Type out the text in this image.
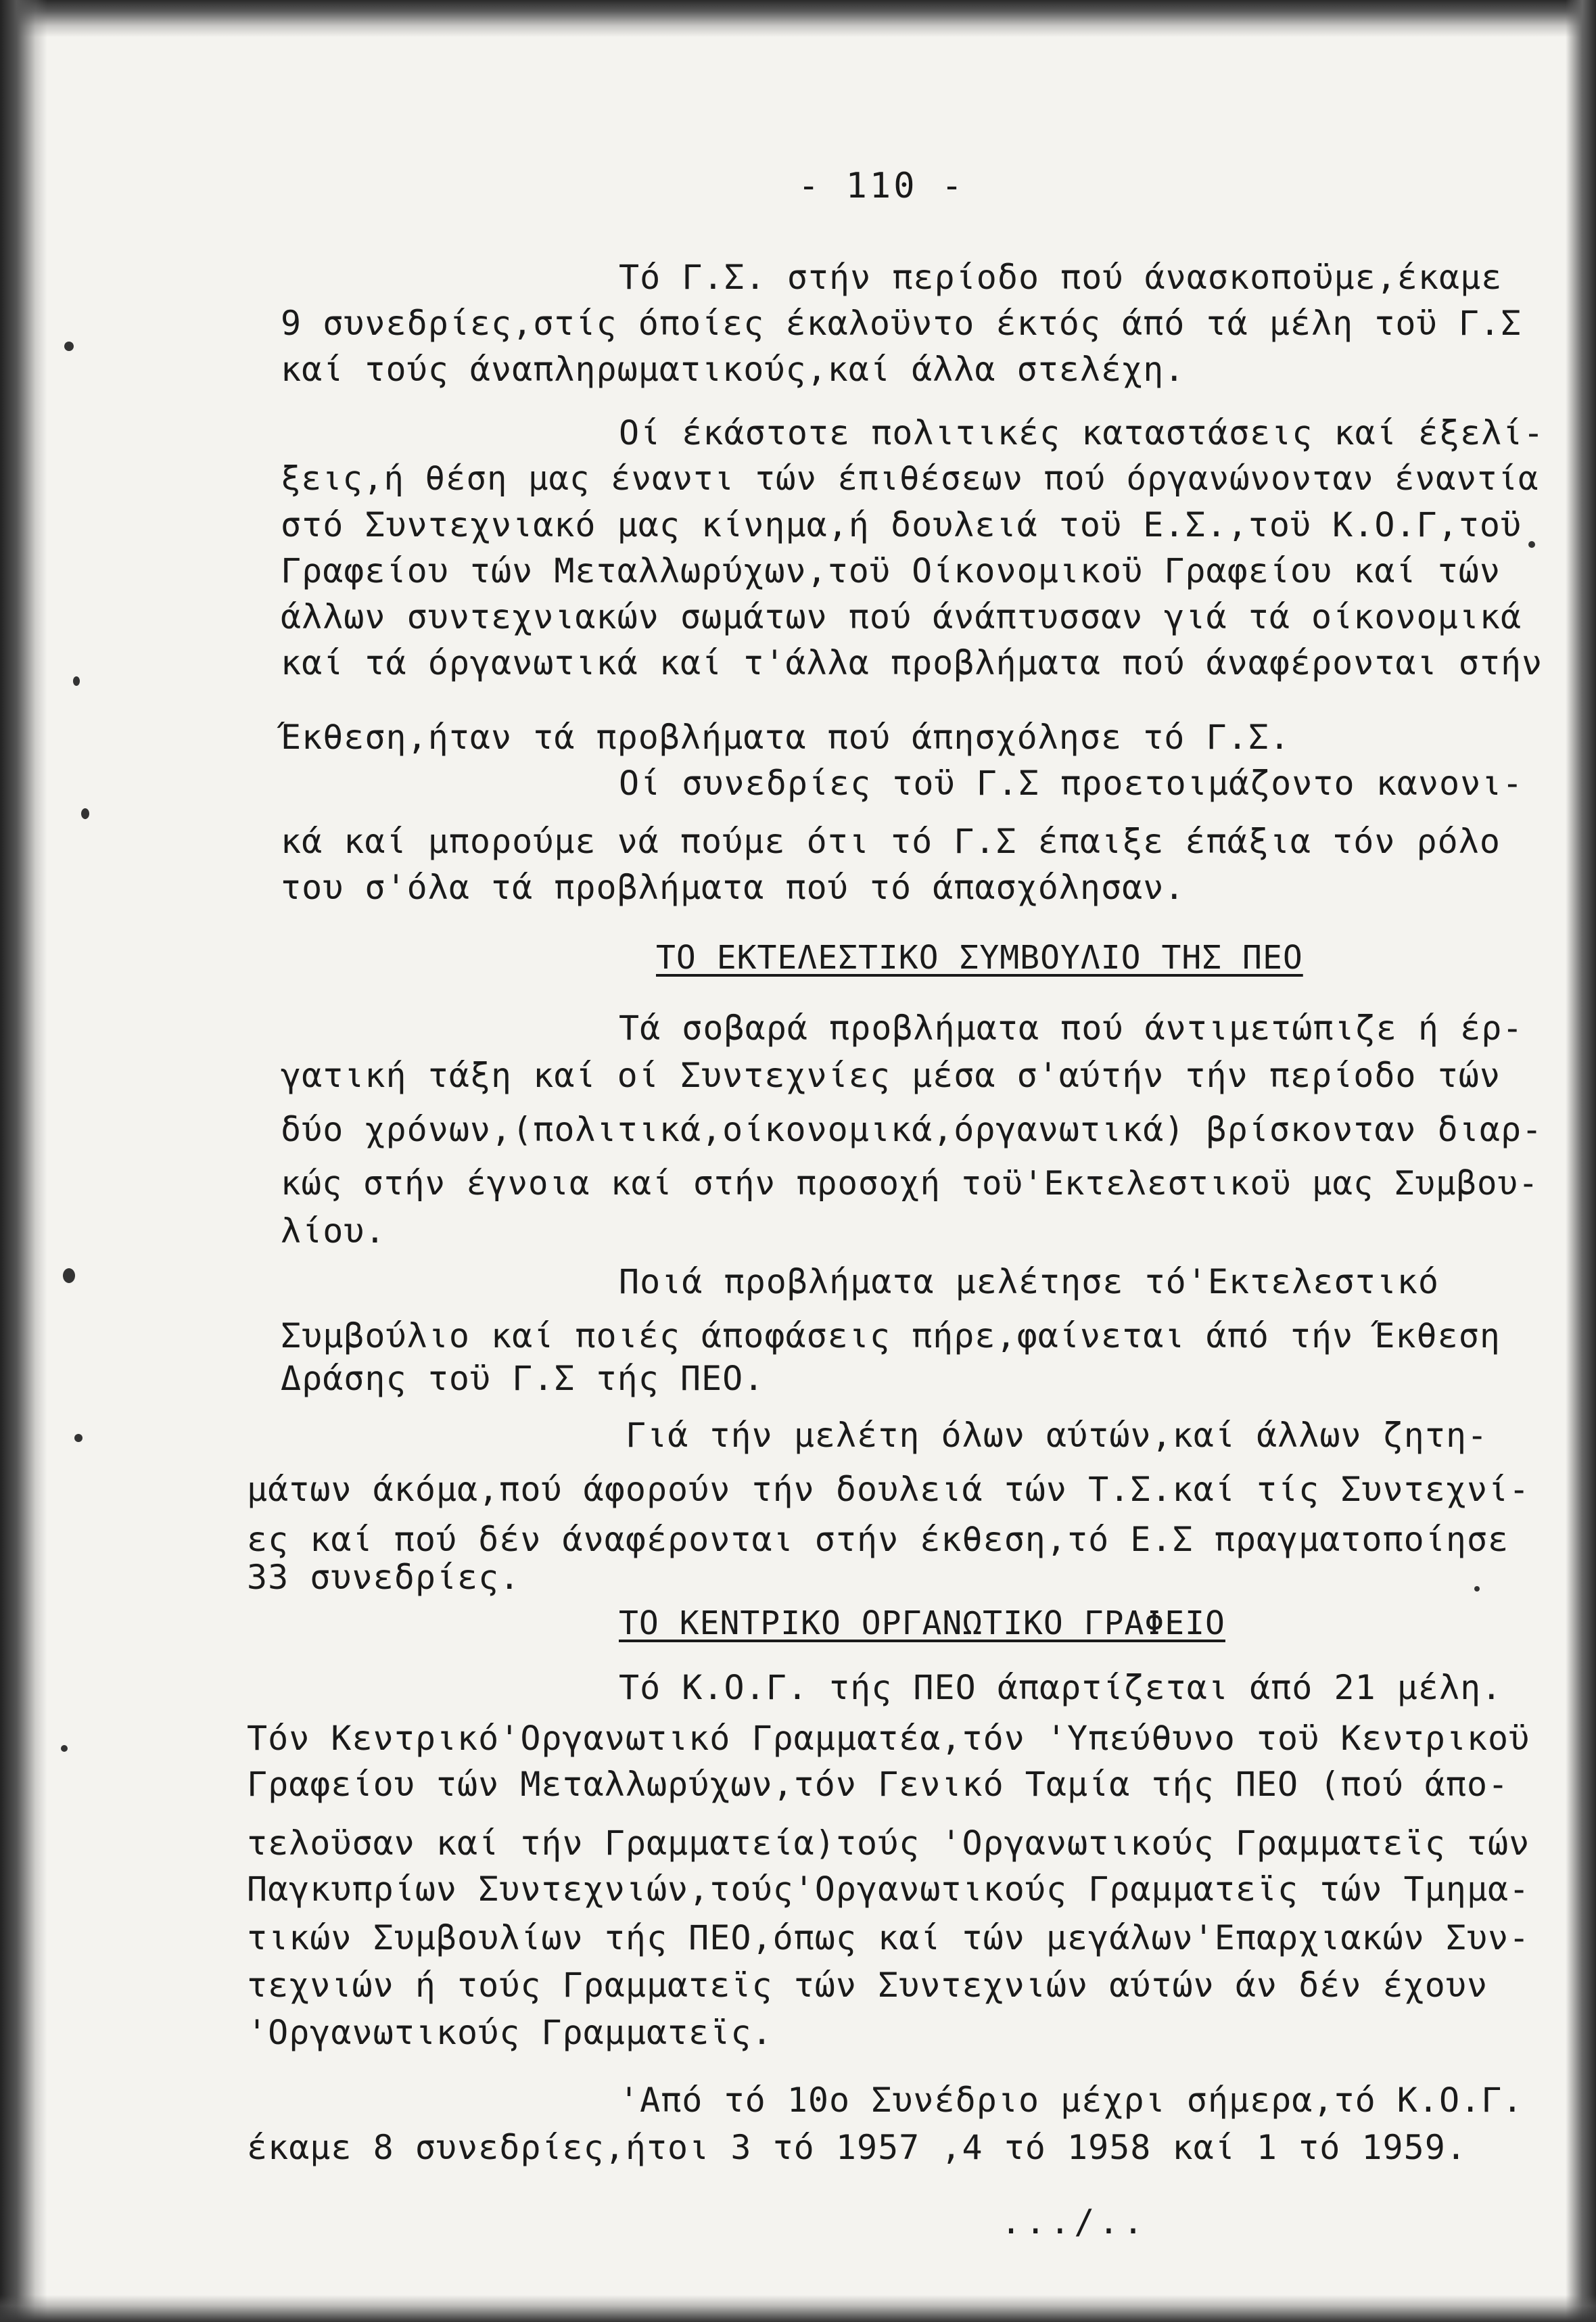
- 110 -
Τό Γ.Σ. στήν περίοδο πού άνασκοποϋμε,έκαμε
9 συνεδρίες,στίς όποίες έκαλοϋντο έκτός άπό τά μέλη τοϋ Γ.Σ
καί τούς άναπληρωματικούς,καί άλλα στελέχη.
Οί έκάστοτε πολιτικές καταστάσεις καί έξελί-
ξεις,ή θέση μας έναντι τών έπιθέσεων πού όργανώνονταν έναντία
στό Συντεχνιακό μας κίνημα,ή δουλειά τοϋ Ε.Σ.,τοϋ Κ.Ο.Γ,τοϋ
Γραφείου τών Μεταλλωρύχων,τοϋ Οίκονομικοϋ Γραφείου καί τών
άλλων συντεχνιακών σωμάτων πού άνάπτυσσαν γιά τά οίκονομικά
καί τά όργανωτικά καί τ'άλλα προβλήματα πού άναφέρονται στήν
Έκθεση,ήταν τά προβλήματα πού άπησχόλησε τό Γ.Σ.
Οί συνεδρίες τοϋ Γ.Σ προετοιμάζοντο κανονι-
κά καί μπορούμε νά πούμε ότι τό Γ.Σ έπαιξε έπάξια τόν ρόλο
του σ'όλα τά προβλήματα πού τό άπασχόλησαν.
ΤΟ ΕΚΤΕΛΕΣΤΙΚΟ ΣΥΜΒΟΥΛΙΟ ΤΗΣ ΠΕΟ
Τά σοβαρά προβλήματα πού άντιμετώπιζε ή έρ-
γατική τάξη καί οί Συντεχνίες μέσα σ'αύτήν τήν περίοδο τών
δύο χρόνων,(πολιτικά,οίκονομικά,όργανωτικά) βρίσκονταν διαρ-
κώς στήν έγνοια καί στήν προσοχή τοϋ'Εκτελεστικοϋ μας Συμβου-
λίου.
Ποιά προβλήματα μελέτησε τό'Εκτελεστικό
Συμβούλιο καί ποιές άποφάσεις πήρε,φαίνεται άπό τήν Έκθεση
Δράσης τοϋ Γ.Σ τής ΠΕΟ.
Γιά τήν μελέτη όλων αύτών,καί άλλων ζητη-
μάτων άκόμα,πού άφορούν τήν δουλειά τών Τ.Σ.καί τίς Συντεχνί-
ες καί πού δέν άναφέρονται στήν έκθεση,τό Ε.Σ πραγματοποίησε
33 συνεδρίες.
ΤΟ ΚΕΝΤΡΙΚΟ ΟΡΓΑΝΩΤΙΚΟ ΓΡΑΦΕΙΟ
Τό Κ.Ο.Γ. τής ΠΕΟ άπαρτίζεται άπό 21 μέλη.
Τόν Κεντρικό'Οργανωτικό Γραμματέα,τόν 'Υπεύθυνο τοϋ Κεντρικοϋ
Γραφείου τών Μεταλλωρύχων,τόν Γενικό Ταμία τής ΠΕΟ (πού άπο-
τελοϋσαν καί τήν Γραμματεία)τούς 'Οργανωτικούς Γραμματεϊς τών
Παγκυπρίων Συντεχνιών,τούς'Οργανωτικούς Γραμματεϊς τών Τμημα-
τικών Συμβουλίων τής ΠΕΟ,όπως καί τών μεγάλων'Επαρχιακών Συν-
τεχνιών ή τούς Γραμματεϊς τών Συντεχνιών αύτών άν δέν έχουν
'Οργανωτικούς Γραμματεϊς.
'Από τό 10ο Συνέδριο μέχρι σήμερα,τό Κ.Ο.Γ.
έκαμε 8 συνεδρίες,ήτοι 3 τό 1957 ,4 τό 1958 καί 1 τό 1959.
.../..
